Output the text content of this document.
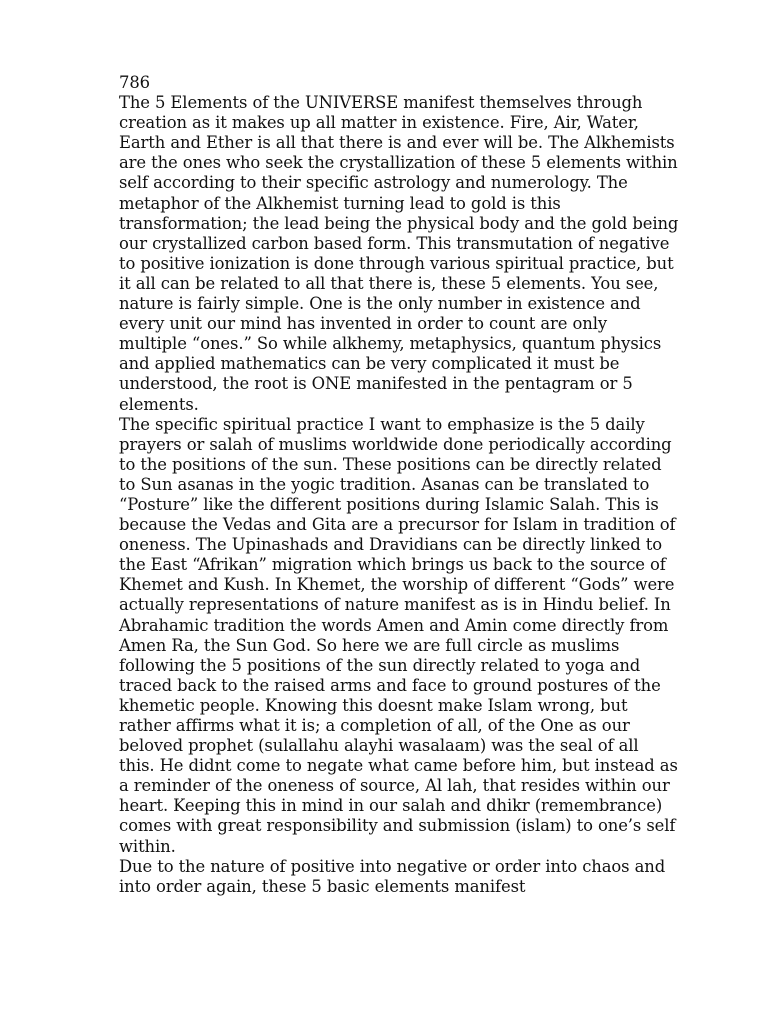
786

The 5 Elements of the UNIVERSE manifest themselves through creation as it makes up all matter in existence. Fire, Air, Water, Earth and Ether is all that there is and ever will be. The Alkhemists are the ones who seek the crystallization of these 5 elements within self according to their specific astrology and numerology. The metaphor of the Alkhemist turning lead to gold is this transformation; the lead being the physical body and the gold being our crystallized carbon based form. This transmutation of negative to positive ionization is done through various spiritual practice, but it all can be related to all that there is, these 5 elements. You see, nature is fairly simple. One is the only number in existence and every unit our mind has invented in order to count are only multiple “ones.” So while alkhemy, metaphysics, quantum physics and applied mathematics can be very complicated it must be understood, the root is ONE manifested in the pentagram or 5 elements.

The specific spiritual practice I want to emphasize is the 5 daily prayers or salah of muslims worldwide done periodically according to the positions of the sun. These positions can be directly related to Sun asanas in the yogic tradition. Asanas can be translated to “Posture” like the different positions during Islamic Salah. This is because the Vedas and Gita are a precursor for Islam in tradition of oneness. The Upinashads and Dravidians can be directly linked to the East “Afrikan” migration which brings us back to the source of Khemet and Kush. In Khemet, the worship of different “Gods” were actually representations of nature manifest as is in Hindu belief. In Abrahamic tradition the words Amen and Amin come directly from Amen Ra, the Sun God. So here we are full circle as muslims following the 5 positions of the sun directly related to yoga and traced back to the raised arms and face to ground postures of the khemetic people. Knowing this doesnt make Islam wrong, but rather affirms what it is; a completion of all, of the One as our beloved prophet (sulallahu alayhi wasalaam) was the seal of all this. He didnt come to negate what came before him, but instead as a reminder of the oneness of source, Al lah, that resides within our heart. Keeping this in mind in our salah and dhikr (remembrance) comes with great responsibility and submission (islam) to one’s self within.

Due to the nature of positive into negative or order into chaos and into order again, these 5 basic elements manifest
